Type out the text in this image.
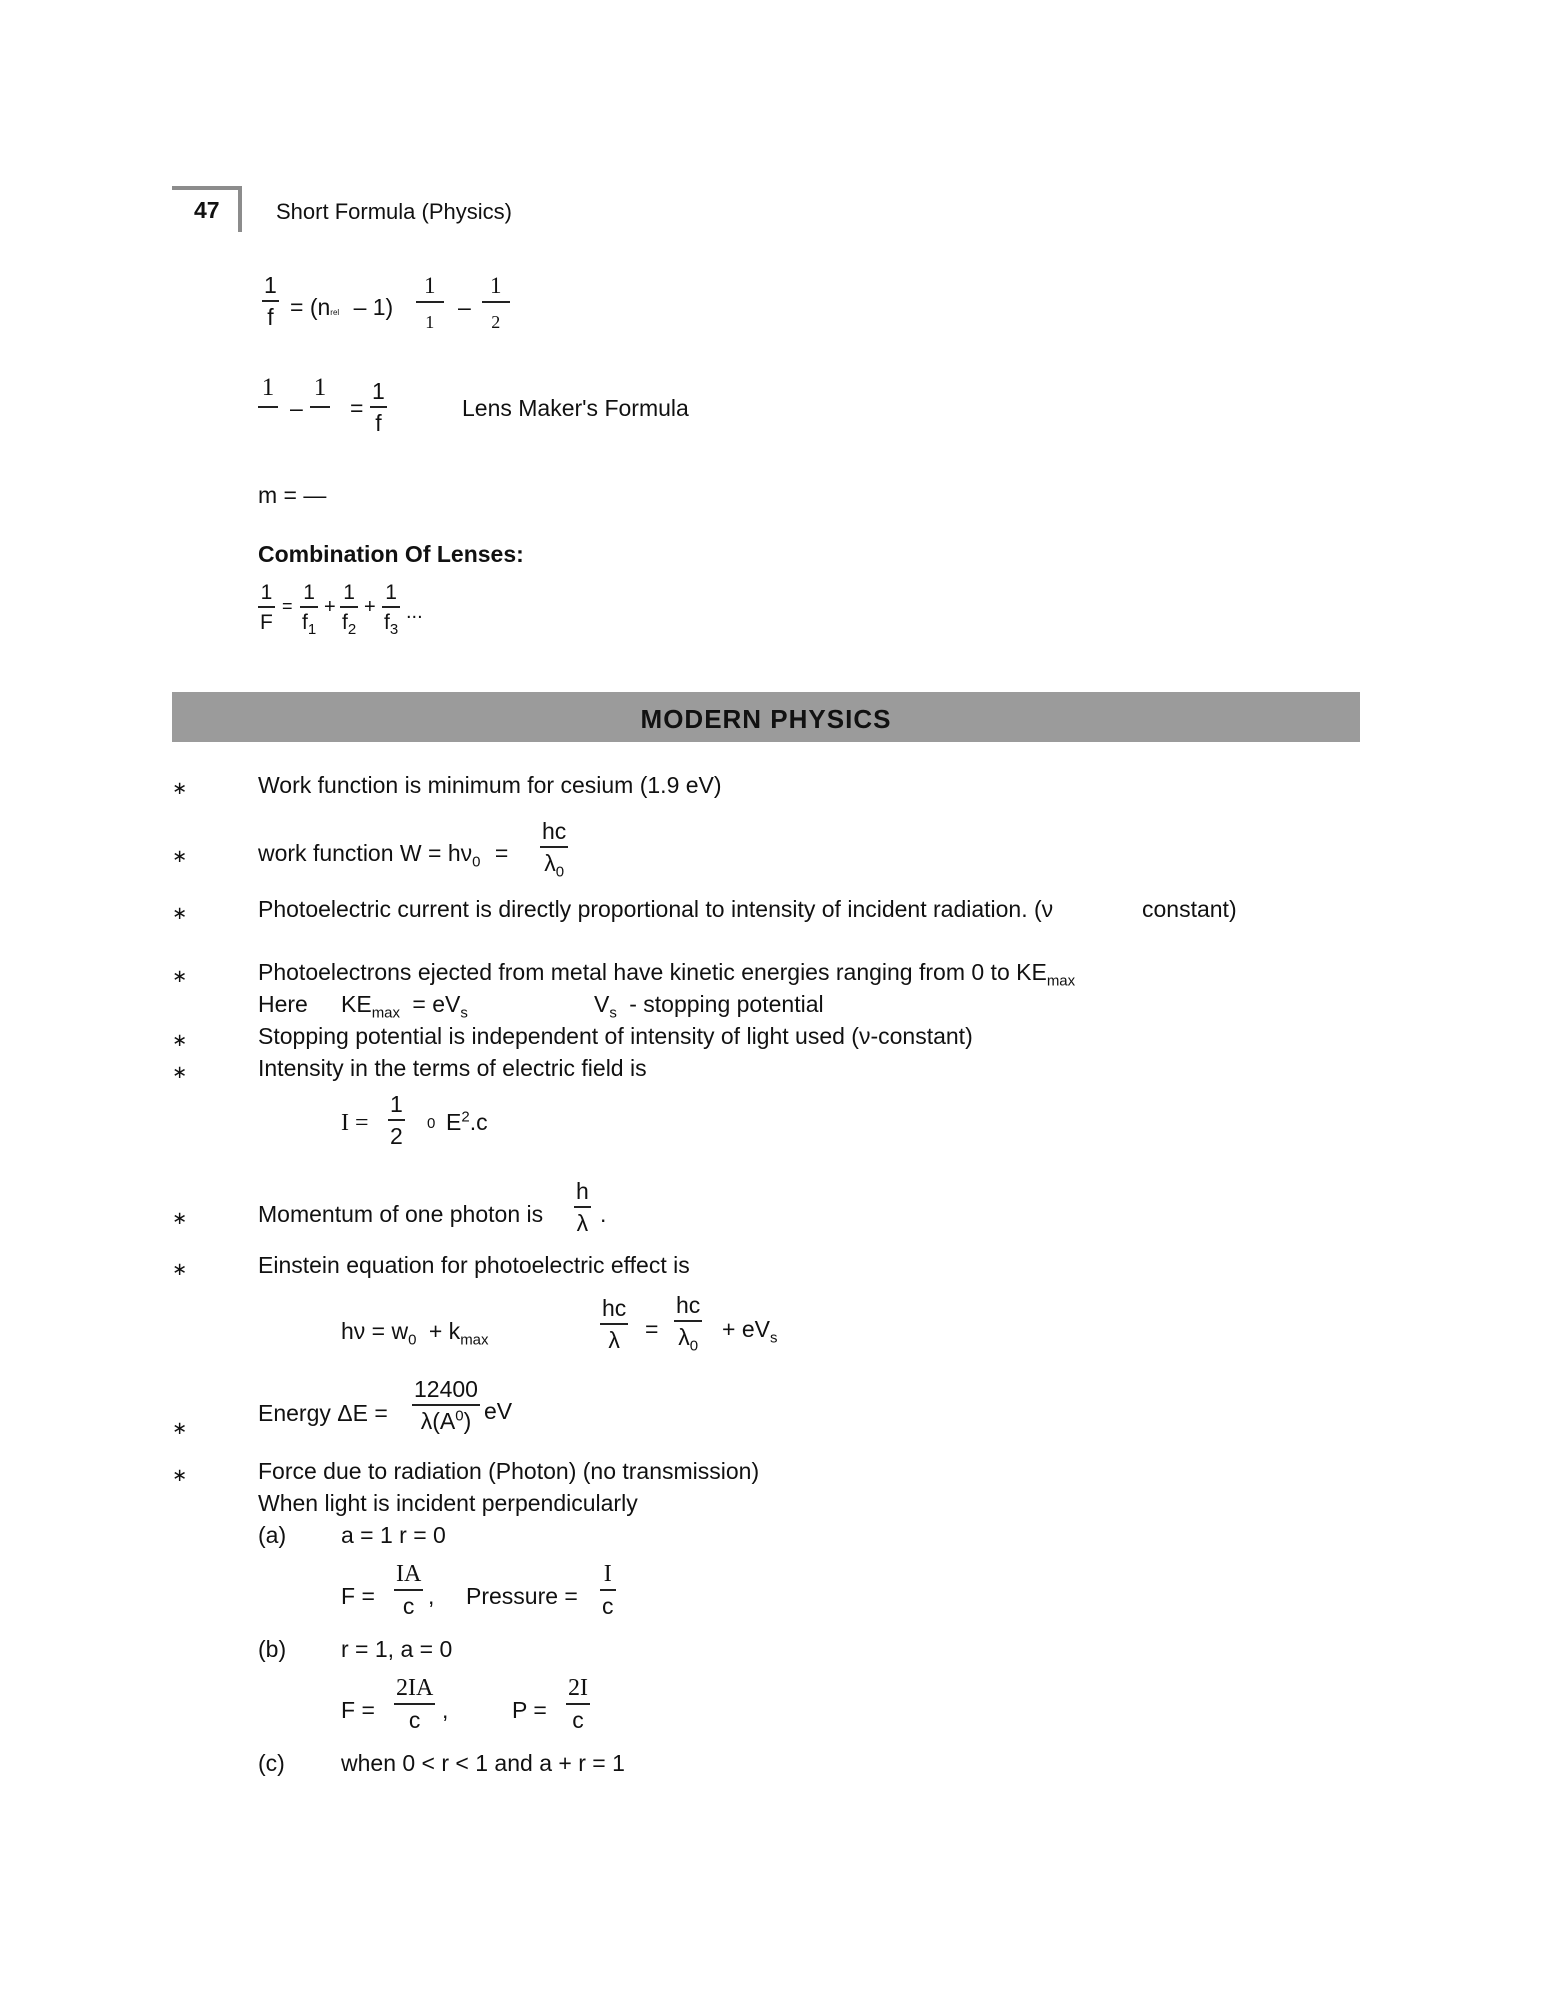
47	Short Formula (Physics)
1
f = (nrel – 1)
1
1
–
1
2
1
–
1
=
1
f
Lens Maker's Formula
m = —
Combination Of Lenses:
1
F
=
1
$f_1$
+
1
$f_2$
+
1
$f_3$
...
MODERN PHYSICS
∗	Work function is minimum for cesium (1.9 eV)
∗	work function $W = h\nu_0$ =
hc
$\lambda_0$
∗	Photoelectric current is directly proportional to intensity of incident radiation. (ν	constant)
∗	Photoelectrons ejected from metal have kinetic energies ranging from 0 to $KE_{max}$
Here $KE_{max} = eV_s$	$V_s$ - stopping potential
∗	Stopping potential is independent of intensity of light used (ν-constant)
∗	Intensity in the terms of electric field is
I =
1
2 0 $E^2.c$
∗	Momentum of one photon is
h
λ .
∗	Einstein equation for photoelectric effect is
$h\nu = w_0 + k_{max}$
hc
λ =
hc
$\lambda_0$
+ $eV_s$
∗
Energy ΔE =
12400
$\lambda(A^0)$ eV
∗	Force due to radiation (Photon) (no transmission)
When light is incident perpendicularly
(a) a = 1 r = 0
F =
IA
c , Pressure =
I
c
(b) r = 1, a = 0
F =
2IA
c ,	P =
2I
c
(c) when 0 < r < 1 and a + r = 1
